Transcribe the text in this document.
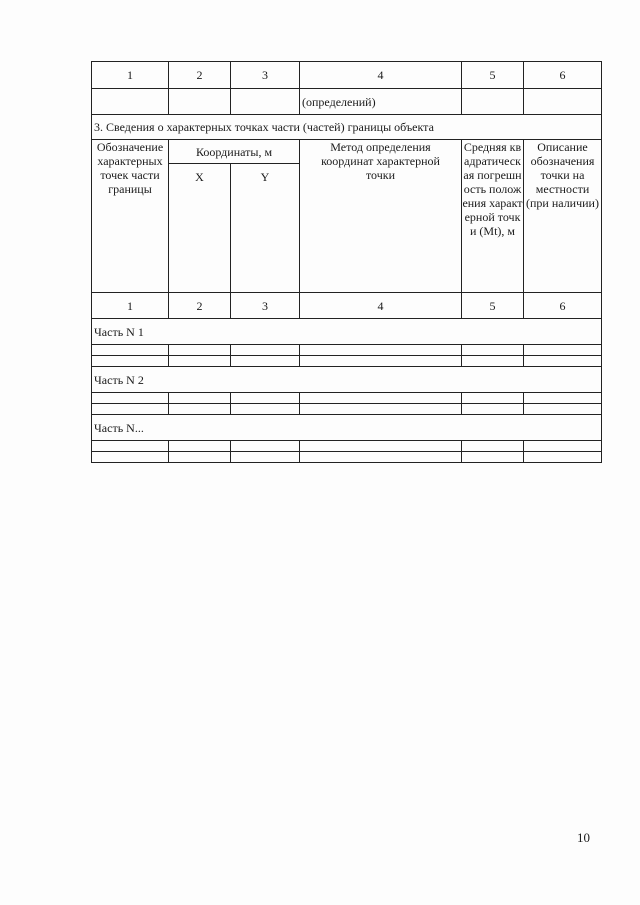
1	2	3	4	5	6
			(определений)		
3. Сведения о характерных точках части (частей) границы объекта					
Обозначение характерных точек части границы	Координаты, м		Метод определения координат характерной точки	Средняя квадратическая погрешность положения характерной точки (Mt), м	Описание обозначения точки на местности (при наличии)
	X	Y			
1	2	3	4	5	6
Часть N 1					

Часть N 2					

Часть N...					

10
